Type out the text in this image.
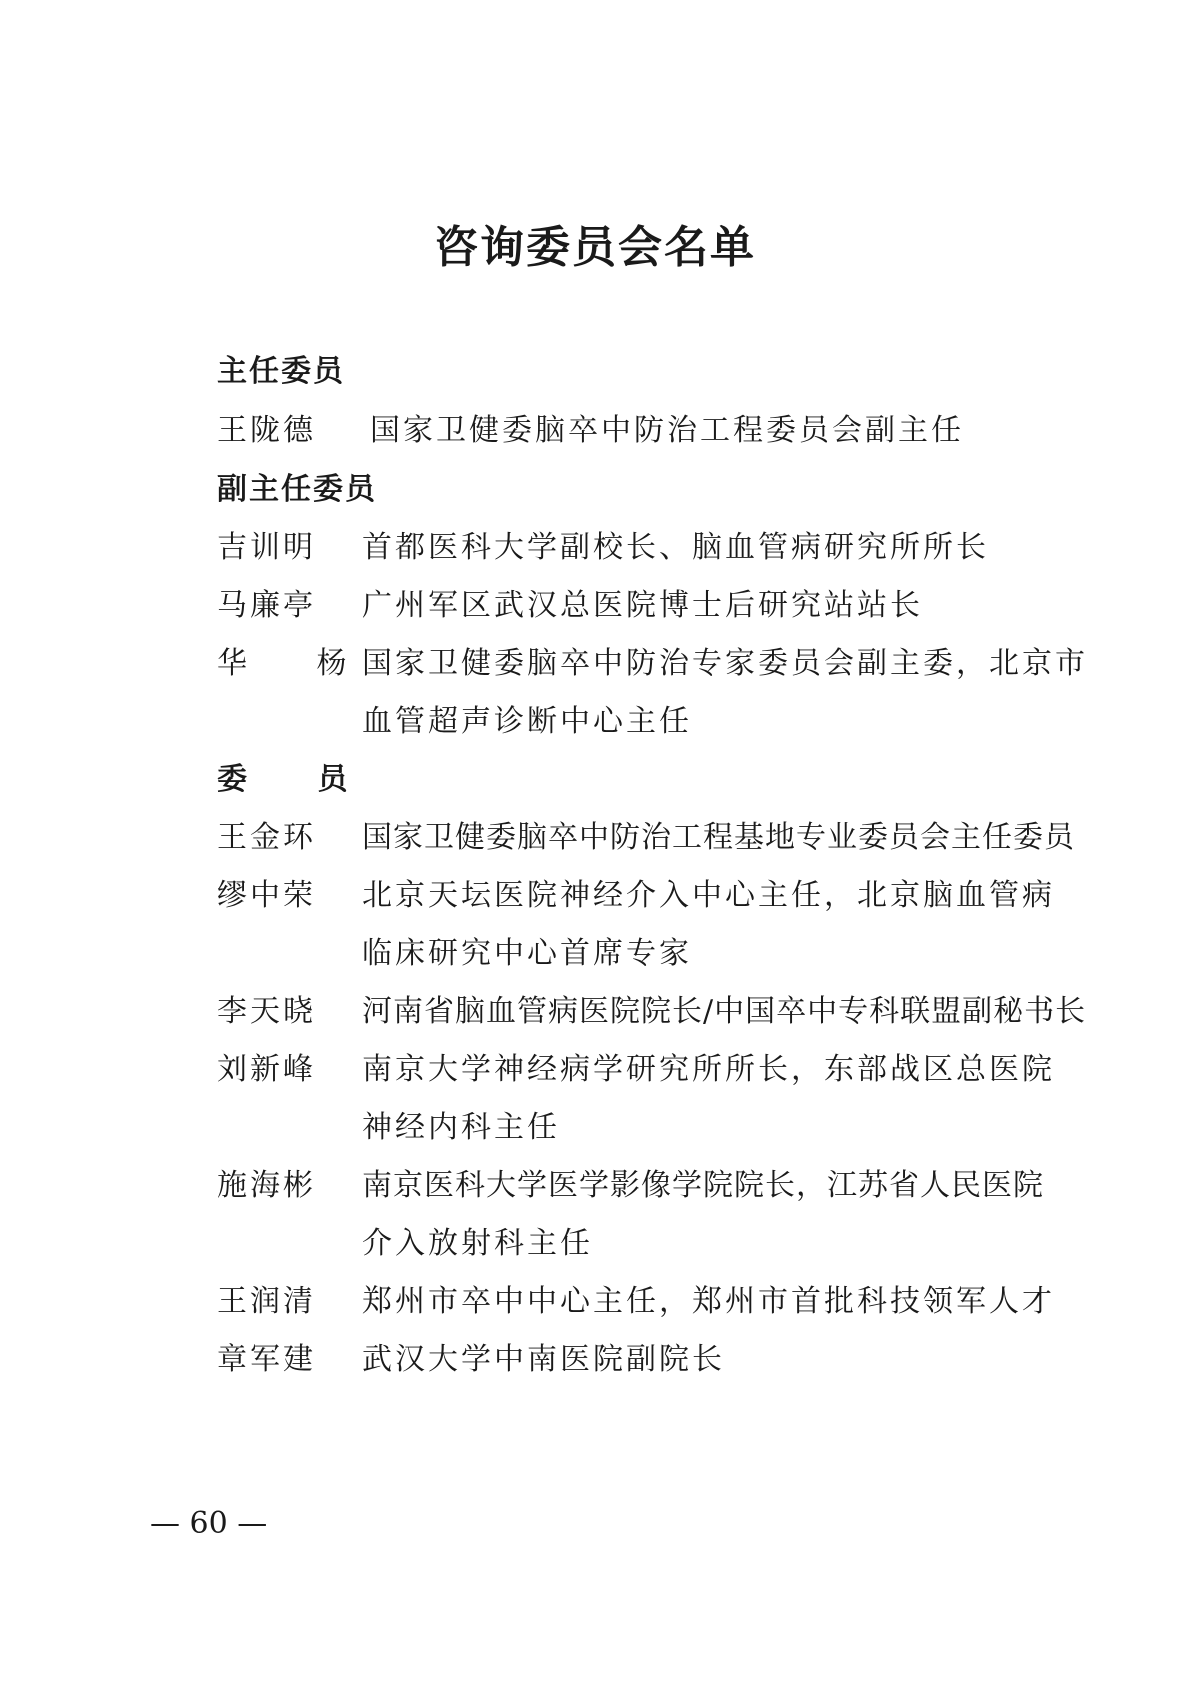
咨询委员会名单
主任委员
王陇德 国家卫健委脑卒中防治工程委员会副主任
副主任委员
吉训明 首都医科大学副校长、脑血管病研究所所长
马廉亭 广州军区武汉总医院博士后研究站站长
华 杨
国家卫健委脑卒中防治专家委员会副主委，北京市
血管超声诊断中心主任
委 员
王金环 国家卫健委脑卒中防治工程基地专业委员会主任委员
缪中荣 北京天坛医院神经介入中心主任，北京脑血管病
临床研究中心首席专家
李天晓 河南省脑血管病医院院长/中国卒中专科联盟副秘书长
刘新峰 南京大学神经病学研究所所长，东部战区总医院
神经内科主任
施海彬 南京医科大学医学影像学院院长，江苏省人民医院
介入放射科主任
王润清 郑州市卒中中心主任，郑州市首批科技领军人才
章军建 武汉大学中南医院副院长
— 60 —
